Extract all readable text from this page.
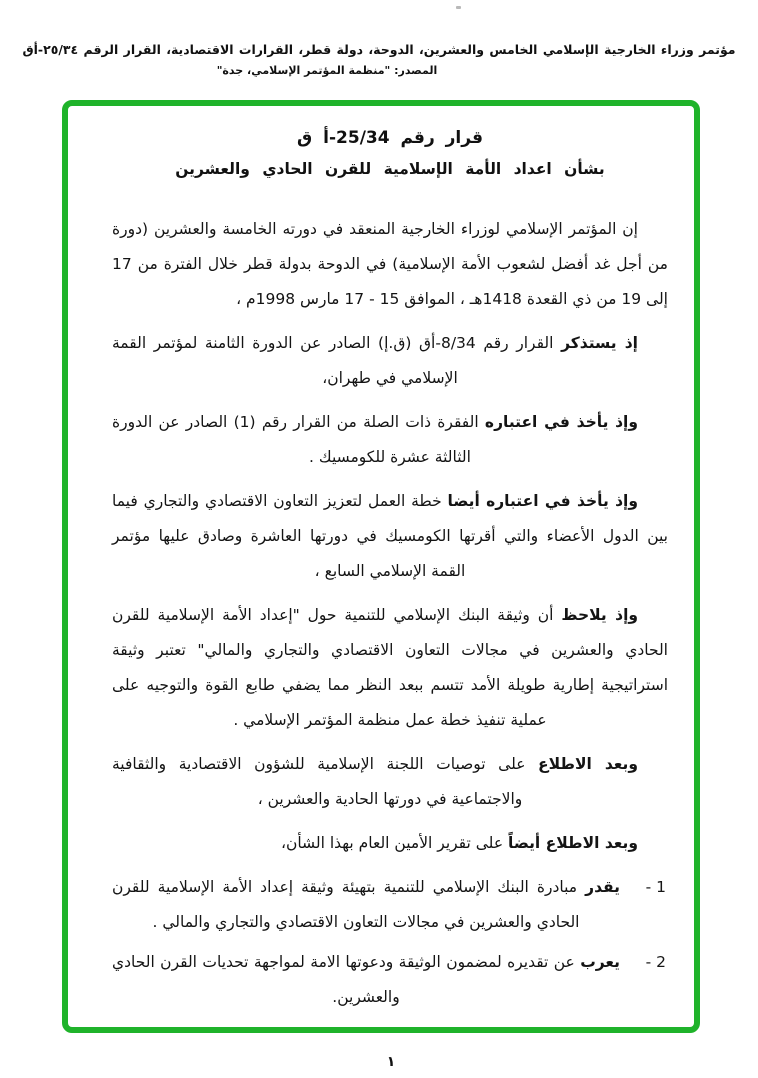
مؤتمر وزراء الخارجية الإسلامي الخامس والعشرين، الدوحة، دولة قطر، القرارات الاقتصادية، القرار الرقم ٢٥/٣٤-أق
المصدر: "منظمة المؤتمر الإسلامي، جدة"
قرار رقم 25/34-أ ق
بشأن اعداد الأمة الإسلامية للقرن الحادي والعشرين

إن المؤتمر الإسلامي لوزراء الخارجية المنعقد في دورته الخامسة والعشرين (دورة من أجل غد أفضل لشعوب الأمة الإسلامية) في الدوحة بدولة قطر خلال الفترة من 17 إلى 19 من ذي القعدة 1418هـ ، الموافق 15 - 17 مارس 1998م ،

إذ يستذكر القرار رقم 8/34-أق (ق.إ) الصادر عن الدورة الثامنة لمؤتمر القمة الإسلامي في طهران،

وإذ يأخذ في اعتباره الفقرة ذات الصلة من القرار رقم (1) الصادر عن الدورة الثالثة عشرة للكومسيك .

وإذ يأخذ في اعتباره أيضا خطة العمل لتعزيز التعاون الاقتصادي والتجاري فيما بين الدول الأعضاء والتي أقرتها الكومسيك في دورتها العاشرة وصادق عليها مؤتمر القمة الإسلامي السابع ،

وإذ يلاحظ أن وثيقة البنك الإسلامي للتنمية حول "إعداد الأمة الإسلامية للقرن الحادي والعشرين في مجالات التعاون الاقتصادي والتجاري والمالي" تعتبر وثيقة استراتيجية إطارية طويلة الأمد تتسم ببعد النظر مما يضفي طابع القوة والتوجيه على عملية تنفيذ خطة عمل منظمة المؤتمر الإسلامي .

وبعد الاطلاع على توصيات اللجنة الإسلامية للشؤون الاقتصادية والثقافية والاجتماعية في دورتها الحادية والعشرين ،

وبعد الاطلاع أيضاً على تقرير الأمين العام بهذا الشأن،

1 -

يقدر مبادرة البنك الإسلامي للتنمية بتهيئة وثيقة إعداد الأمة الإسلامية للقرن الحادي والعشرين في مجالات التعاون الاقتصادي والتجاري والمالي .

2 -

يعرب عن تقديره لمضمون الوثيقة ودعوتها الامة لمواجهة تحديات القرن الحادي والعشرين.

١
